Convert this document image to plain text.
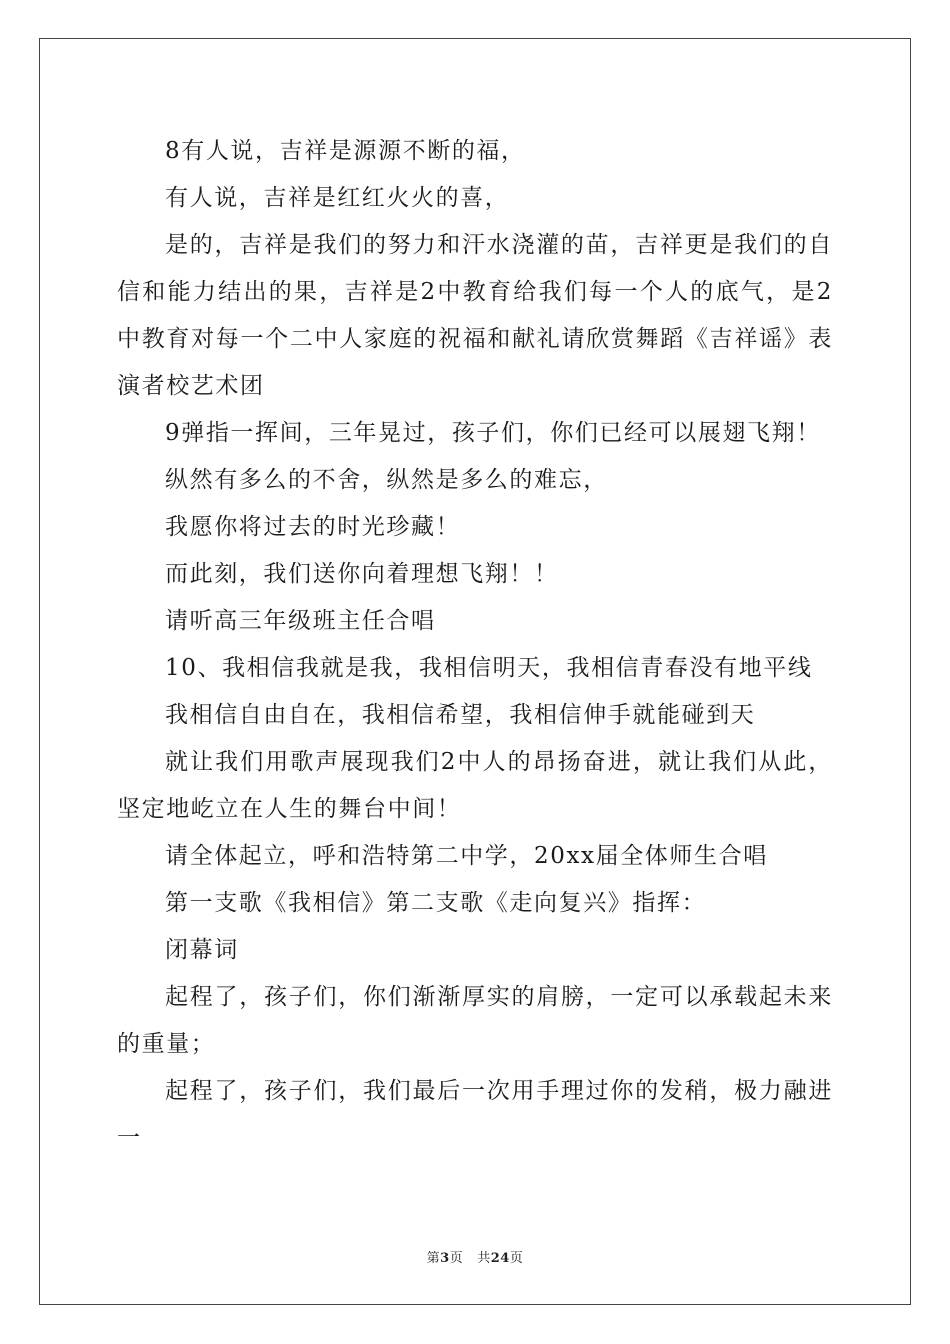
8有人说，吉祥是源源不断的福，

有人说，吉祥是红红火火的喜，

是的，吉祥是我们的努力和汗水浇灌的苗，吉祥更是我们的自信和能力结出的果，吉祥是2中教育给我们每一个人的底气，是2中教育对每一个二中人家庭的祝福和献礼请欣赏舞蹈《吉祥谣》表演者校艺术团

9弹指一挥间，三年晃过，孩子们，你们已经可以展翅飞翔！

纵然有多么的不舍，纵然是多么的难忘，

我愿你将过去的时光珍藏！

而此刻，我们送你向着理想飞翔！！

请听高三年级班主任合唱

10、我相信我就是我，我相信明天，我相信青春没有地平线

我相信自由自在，我相信希望，我相信伸手就能碰到天

就让我们用歌声展现我们2中人的昂扬奋进，就让我们从此，坚定地屹立在人生的舞台中间！

请全体起立，呼和浩特第二中学，20xx届全体师生合唱

第一支歌《我相信》第二支歌《走向复兴》指挥：

闭幕词

起程了，孩子们，你们渐渐厚实的肩膀，一定可以承载起未来的重量；

起程了，孩子们，我们最后一次用手理过你的发稍，极力融进一

第3页 共24页
